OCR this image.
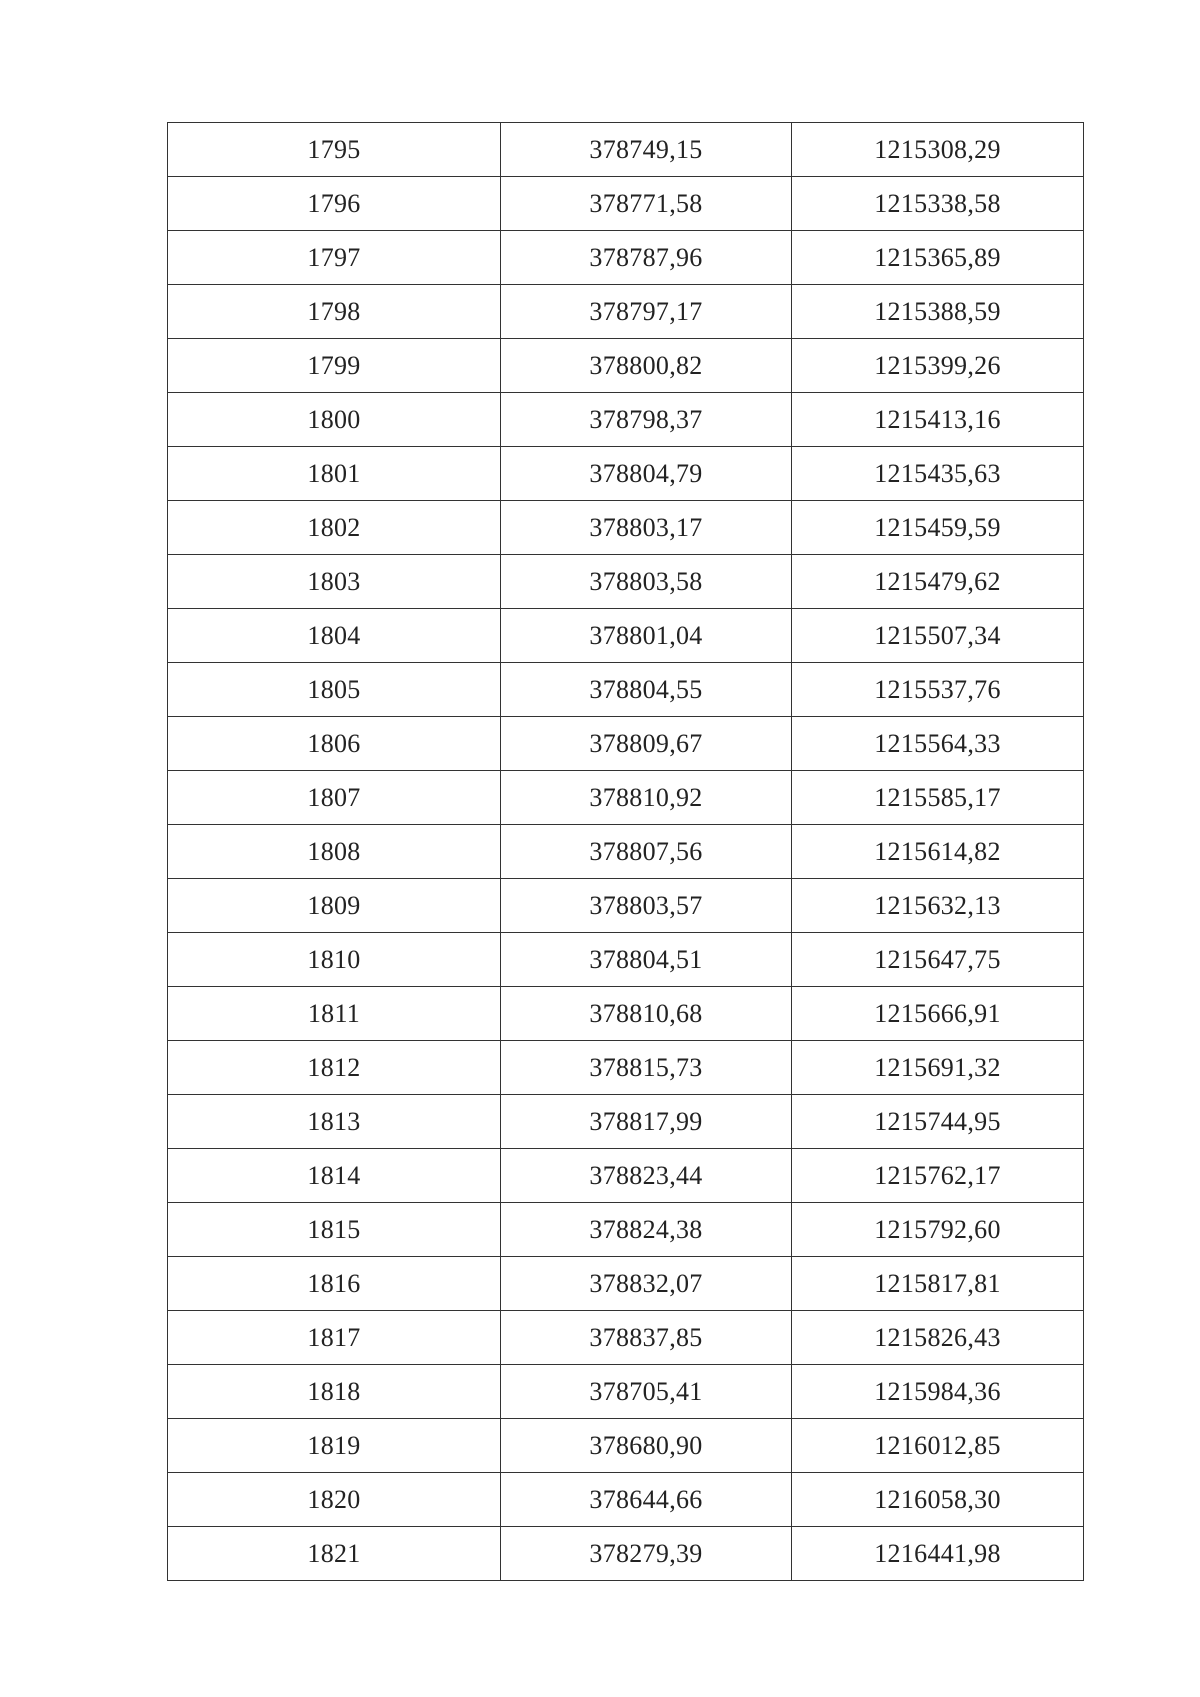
1795	378749,15	1215308,29
1796	378771,58	1215338,58
1797	378787,96	1215365,89
1798	378797,17	1215388,59
1799	378800,82	1215399,26
1800	378798,37	1215413,16
1801	378804,79	1215435,63
1802	378803,17	1215459,59
1803	378803,58	1215479,62
1804	378801,04	1215507,34
1805	378804,55	1215537,76
1806	378809,67	1215564,33
1807	378810,92	1215585,17
1808	378807,56	1215614,82
1809	378803,57	1215632,13
1810	378804,51	1215647,75
1811	378810,68	1215666,91
1812	378815,73	1215691,32
1813	378817,99	1215744,95
1814	378823,44	1215762,17
1815	378824,38	1215792,60
1816	378832,07	1215817,81
1817	378837,85	1215826,43
1818	378705,41	1215984,36
1819	378680,90	1216012,85
1820	378644,66	1216058,30
1821	378279,39	1216441,98
